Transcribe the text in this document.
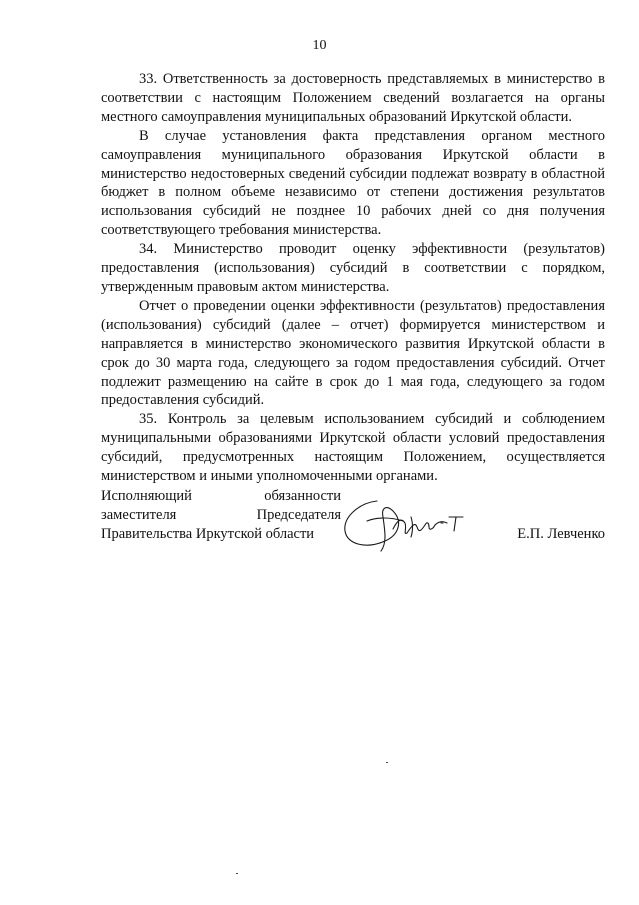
10

33. Ответственность за достоверность представляемых в министерство в соответствии с настоящим Положением сведений возлагается на органы местного самоуправления муниципальных образований Иркутской области.

В случае установления факта представления органом местного самоуправления муниципального образования Иркутской области в министерство недостоверных сведений субсидии подлежат возврату в областной бюджет в полном объеме независимо от степени достижения результатов использования субсидий не позднее 10 рабочих дней со дня получения соответствующего требования министерства.

34. Министерство проводит оценку эффективности (результатов) предоставления (использования) субсидий в соответствии с порядком, утвержденным правовым актом министерства.

Отчет о проведении оценки эффективности (результатов) предоставления (использования) субсидий (далее – отчет) формируется министерством и направляется в министерство экономического развития Иркутской области в срок до 30 марта года, следующего за годом предоставления субсидий. Отчет подлежит размещению на сайте в срок до 1 мая года, следующего за годом предоставления субсидий.

35. Контроль за целевым использованием субсидий и соблюдением муниципальными образованиями Иркутской области условий предоставления субсидий, предусмотренных настоящим Положением, осуществляется министерством и иными уполномоченными органами.

Исполняющий обязанности
заместителя Председателя
Правительства Иркутской области	Е.П. Левченко
